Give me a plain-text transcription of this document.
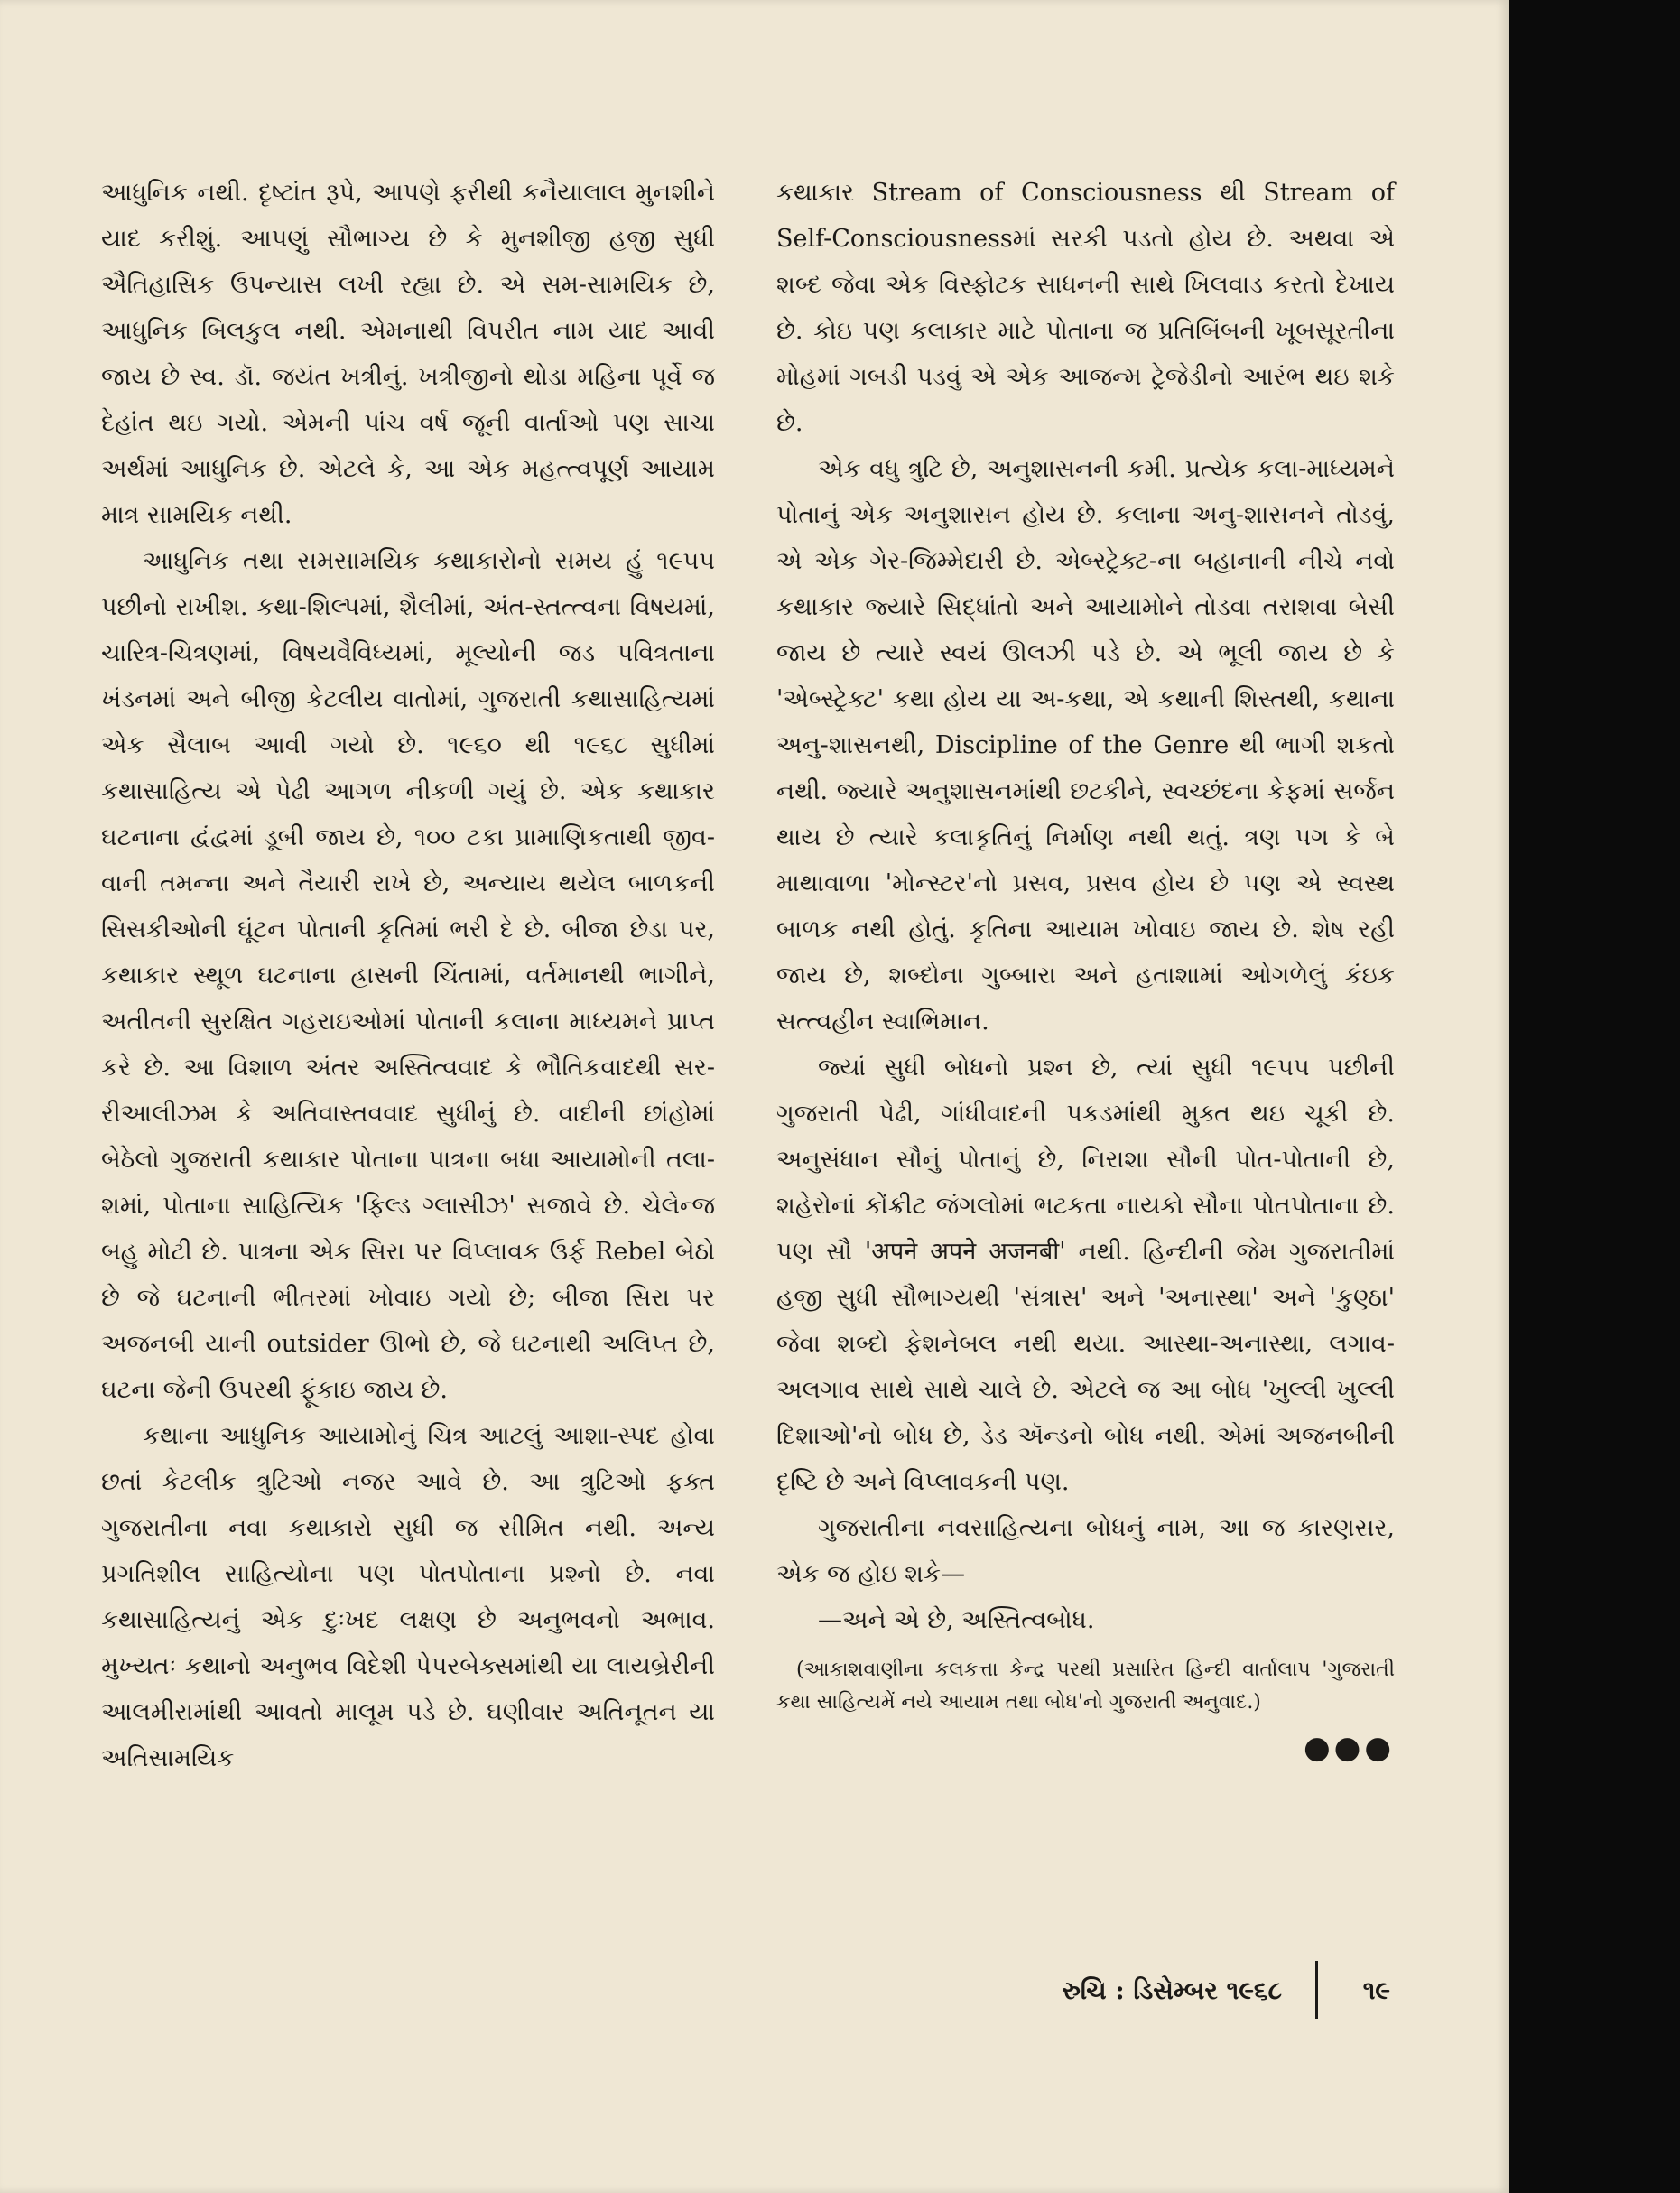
આધુનિક નથી. દૃષ્ટાંત રૂપે, આપણે ફરીથી કનૈયાલાલ મુનશીને યાદ કરીશું. આપણું સૌભાગ્ય છે કે મુનશીજી હજી સુધી ઐતિહાસિક ઉપન્યાસ લખી રહ્યા છે. એ સમ-સામયિક છે, આધુનિક બિલકુલ નથી. એમનાથી વિપરીત નામ યાદ આવી જાય છે સ્વ. ડૉ. જયંત ખત્રીનું. ખત્રીજીનો થોડા મહિના પૂર્વે જ દેહાંત થઇ ગયો. એમની પાંચ વર્ષ જૂની વાર્તાઓ પણ સાચા અર્થમાં આધુનિક છે. એટલે કે, આ એક મહત્ત્વપૂર્ણ આયામ માત્ર સામયિક નથી.

આધુનિક તથા સમસામયિક કથાકારોનો સમય હું ૧૯૫૫ પછીનો રાખીશ. કથા-શિલ્પમાં, શૈલીમાં, અંત-સ્તત્ત્વના વિષયમાં, ચારિત્ર-ચિત્રણમાં, વિષયવૈવિધ્યમાં, મૂલ્યોની જડ પવિત્રતાના ખંડનમાં અને બીજી કેટલીય વાતોમાં, ગુજરાતી કથાસાહિત્યમાં એક સૈલાબ આવી ગયો છે. ૧૯૬૦ થી ૧૯૬૮ સુધીમાં કથાસાહિત્ય એ પેઢી આગળ નીકળી ગયું છે. એક કથાકાર ઘટનાના દ્વંદ્વમાં ડૂબી જાય છે, ૧૦૦ ટકા પ્રામાણિકતાથી જીવ-વાની તમન્ના અને તૈયારી રાખે છે, અન્યાય થયેલ બાળકની સિસકીઓની ઘૂંટન પોતાની કૃતિમાં ભરી દે છે. બીજા છેડા પર, કથાકાર સ્થૂળ ઘટનાના હ્રાસની ચિંતામાં, વર્તમાનથી ભાગીને, અતીતની સુરક્ષિત ગહરાઇઓમાં પોતાની કલાના માધ્યમને પ્રાપ્ત કરે છે. આ વિશાળ અંતર અસ્તિત્વવાદ કે ભૌતિકવાદથી સર-રીઆલીઝમ કે અતિવાસ્તવવાદ સુધીનું છે. વાદીની છાંહોમાં બેઠેલો ગુજરાતી કથાકાર પોતાના પાત્રના બધા આયામોની તલા-શમાં, પોતાના સાહિત્યિક 'ફિલ્ડ ગ્લાસીઝ' સજાવે છે. ચેલેન્જ બહુ મોટી છે. પાત્રના એક સિરા પર વિપ્લાવક ઉર્ફ Rebel બેઠો છે જે ઘટનાની ભીતરમાં ખોવાઇ ગયો છે; બીજા સિરા પર અજનબી યાની outsider ઊભો છે, જે ઘટનાથી અલિપ્ત છે, ઘટના જેની ઉપરથી ફૂંકાઇ જાય છે.

કથાના આધુનિક આયામોનું ચિત્ર આટલું આશા-સ્પદ હોવા છતાં કેટલીક ત્રુટિઓ નજર આવે છે. આ ત્રુટિઓ ફક્ત ગુજરાતીના નવા કથાકારો સુધી જ સીમિત નથી. અન્ય પ્રગતિશીલ સાહિત્યોના પણ પોતપોતાના પ્રશ્નો છે. નવા કથાસાહિત્યનું એક દુઃખદ લક્ષણ છે અનુભવનો અભાવ. મુખ્યતઃ કથાનો અનુભવ વિદેશી પેપરબેક્સમાંથી યા લાયબ્રેરીની આલમીરામાંથી આવતો માલૂમ પડે છે. ઘણીવાર અતિનૂતન યા અતિસામયિક

કથાકાર Stream of Consciousness થી Stream of Self-Consciousnessમાં સરકી પડતો હોય છે. અથવા એ શબ્દ જેવા એક વિસ્ફોટક સાધનની સાથે ખિલવાડ કરતો દેખાય છે. કોઇ પણ કલાકાર માટે પોતાના જ પ્રતિબિંબની ખૂબસૂરતીના મોહમાં ગબડી પડવું એ એક આજન્મ ટ્રેજેડીનો આરંભ થઇ શકે છે.

એક વધુ ત્રુટિ છે, અનુશાસનની કમી. પ્રત્યેક કલા-માધ્યમને પોતાનું એક અનુશાસન હોય છે. કલાના અનુ-શાસનને તોડવું, એ એક ગેર-જિમ્મેદારી છે. એબ્સ્ટ્રેક્ટ-ના બહાનાની નીચે નવો કથાકાર જ્યારે સિદ્ધાંતો અને આયામોને તોડવા તરાશવા બેસી જાય છે ત્યારે સ્વયં ઊલઝી પડે છે. એ ભૂલી જાય છે કે 'એબ્સ્ટ્રેક્ટ' કથા હોય યા અ-કથા, એ કથાની શિસ્તથી, કથાના અનુ-શાસનથી, Discipline of the Genre થી ભાગી શકતો નથી. જ્યારે અનુશાસનમાંથી છટકીને, સ્વચ્છંદના કેફમાં સર્જન થાય છે ત્યારે કલાકૃતિનું નિર્માણ નથી થતું. ત્રણ પગ કે બે માથાવાળા 'મોન્સ્ટર'નો પ્રસવ, પ્રસવ હોય છે પણ એ સ્વસ્થ બાળક નથી હોતું. કૃતિના આયામ ખોવાઇ જાય છે. શેષ રહી જાય છે, શબ્દોના ગુબ્બારા અને હતાશામાં ઓગળેલું કંઇક સત્ત્વહીન સ્વાભિમાન.

જ્યાં સુધી બોધનો પ્રશ્ન છે, ત્યાં સુધી ૧૯૫૫ પછીની ગુજરાતી પેઢી, ગાંધીવાદની પકડમાંથી મુક્ત થઇ ચૂકી છે. અનુસંધાન સૌનું પોતાનું છે, નિરાશા સૌની પોત-પોતાની છે, શહેરોનાં કોંક્રીટ જંગલોમાં ભટકતા નાયકો સૌના પોતપોતાના છે. પણ સૌ 'अपने अपने अजनबी' નથી. હિન્દીની જેમ ગુજરાતીમાં હજી સુધી સૌભાગ્યથી 'સંત્રાસ' અને 'અનાસ્થા' અને 'કુણ્ઠા' જેવા શબ્દો ફેશનેબલ નથી થયા. આસ્થા-અનાસ્થા, લગાવ-અલગાવ સાથે સાથે ચાલે છે. એટલે જ આ બોધ 'ખુલ્લી ખુલ્લી દિશાઓ'નો બોધ છે, ડેડ ઍન્ડનો બોધ નથી. એમાં અજનબીની દૃષ્ટિ છે અને વિપ્લાવકની પણ.

ગુજરાતીના નવસાહિત્યના બોધનું નામ, આ જ કારણસર, એક જ હોઇ શકે—

—અને એ છે, અસ્તિત્વબોધ.

(આકાશવાણીના કલકત્તા કેન્દ્ર પરથી પ્રસારિત હિન્દી વાર્તાલાપ 'ગુજરાતી કથા સાહિત્યમેં નયે આયામ તથા બોધ'નો ગુજરાતી અનુવાદ.)

●●●

રુચિ : ડિસેમ્બર ૧૯૬૮	૧૯
